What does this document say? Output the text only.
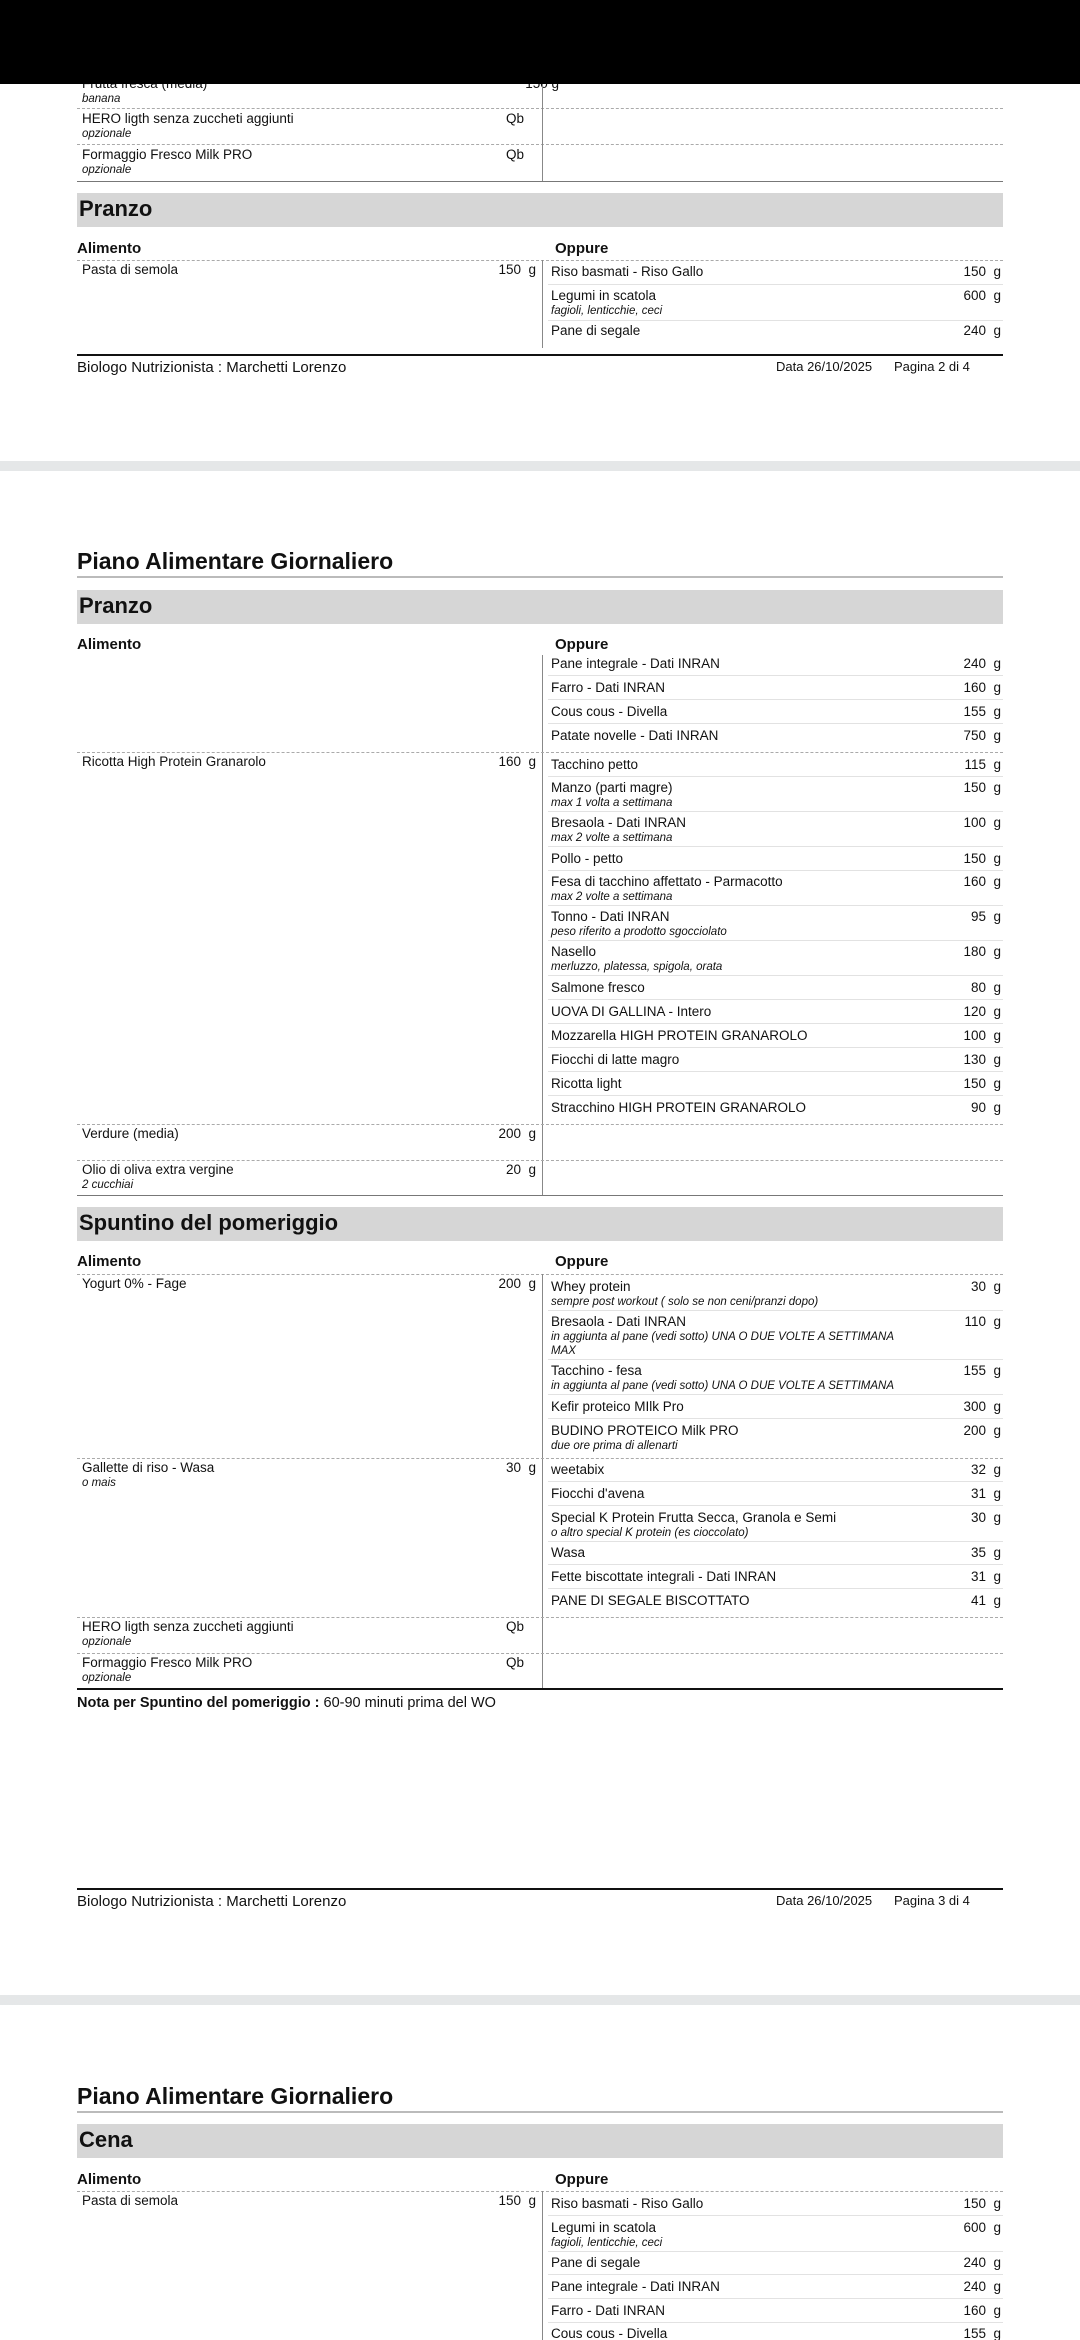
banana
HERO ligth senza zuccheti aggiunti
opzionale
Qb
Formaggio Fresco Milk PRO
opzionale
Qb
Pranzo
Alimento	Oppure
Pasta di semola	150 g Riso basmati - Riso Gallo	150 g
Legumi in scatola
fagioli, lenticchie, ceci
600 g
Pane di segale	240 g
Biologo Nutrizionista : Marchetti Lorenzo	Data 26/10/2025 Pagina 2 di 4
Piano Alimentare Giornaliero
Pranzo
Alimento	Oppure
Pane integrale - Dati INRAN	240 g
Farro - Dati INRAN	160 g
Cous cous - Divella	155 g
Patate novelle - Dati INRAN	750 g
Ricotta High Protein Granarolo	160 g Tacchino petto	115 g
Manzo (parti magre)
max 1 volta a settimana
150 g
Bresaola - Dati INRAN
max 2 volte a settimana
100 g
Pollo - petto	150 g
Fesa di tacchino affettato - Parmacotto
max 2 volte a settimana
160 g
Tonno - Dati INRAN
peso riferito a prodotto sgocciolato
95 g
Nasello
merluzzo, platessa, spigola, orata
180 g
Salmone fresco	80 g
UOVA DI GALLINA - Intero	120 g
Mozzarella HIGH PROTEIN GRANAROLO	100 g
Fiocchi di latte magro	130 g
Ricotta light	150 g
Stracchino HIGH PROTEIN GRANAROLO	90 g
Verdure (media)	200 g
Olio di oliva extra vergine
2 cucchiai
20 g
Spuntino del pomeriggio
Alimento	Oppure
Yogurt 0% - Fage	200 g Whey protein
sempre post workout ( solo se non ceni/pranzi dopo)
30 g
Bresaola - Dati INRAN
in aggiunta al pane (vedi sotto) UNA O DUE VOLTE A SETTIMANA MAX
110 g
Tacchino - fesa
in aggiunta al pane (vedi sotto) UNA O DUE VOLTE A SETTIMANA
155 g
Kefir proteico MIlk Pro	300 g
BUDINO PROTEICO Milk PRO
due ore prima di allenarti
200 g
Gallette di riso - Wasa
o mais
30 g weetabix	32 g
Fiocchi d'avena	31 g
Special K Protein Frutta Secca, Granola e Semi
o altro special K protein (es cioccolato)
30 g
Wasa	35 g
Fette biscottate integrali - Dati INRAN	31 g
PANE DI SEGALE BISCOTTATO	41 g
HERO ligth senza zuccheti aggiunti
opzionale
Qb
Formaggio Fresco Milk PRO
opzionale
Qb
Nota per Spuntino del pomeriggio : 60-90 minuti prima del WO
Biologo Nutrizionista : Marchetti Lorenzo	Data 26/10/2025 Pagina 3 di 4
Piano Alimentare Giornaliero
Cena
Alimento	Oppure
Pasta di semola	150 g Riso basmati - Riso Gallo	150 g
Legumi in scatola
fagioli, lenticchie, ceci
600 g
Pane di segale	240 g
Pane integrale - Dati INRAN	240 g
Farro - Dati INRAN	160 g
Cous cous - Divella	155 g
